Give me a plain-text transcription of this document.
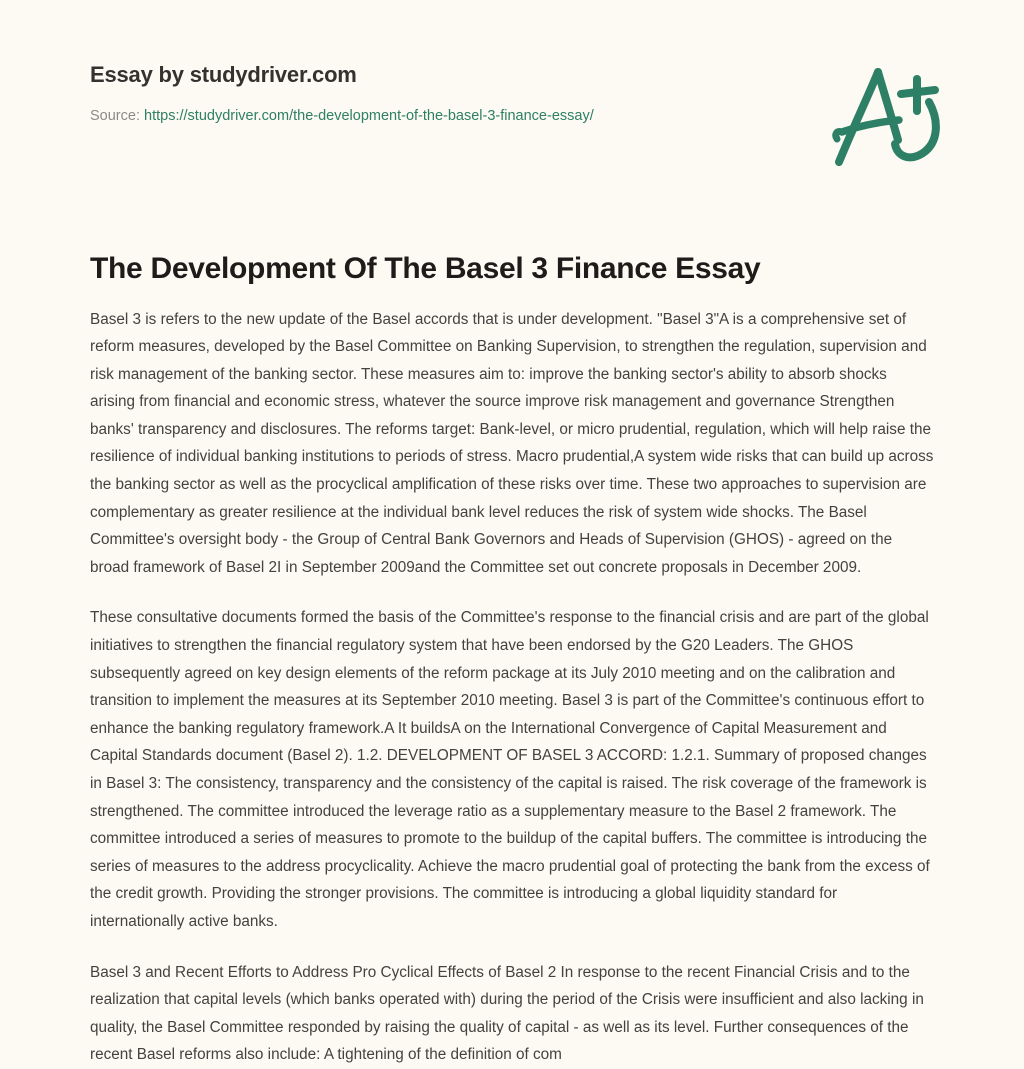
Essay by studydriver.com
Source: https://studydriver.com/the-development-of-the-basel-3-finance-essay/
The Development Of The Basel 3 Finance Essay

Basel 3 is refers to the new update of the Basel accords that is under development. "Basel 3"A is a comprehensive set of reform measures, developed by the Basel Committee on Banking Supervision, to strengthen the regulation, supervision and risk management of the banking sector. These measures aim to: improve the banking sector's ability to absorb shocks arising from financial and economic stress, whatever the source improve risk management and governance Strengthen banks' transparency and disclosures. The reforms target: Bank-level, or micro prudential, regulation, which will help raise the resilience of individual banking institutions to periods of stress. Macro prudential,A system wide risks that can build up across the banking sector as well as the procyclical amplification of these risks over time. These two approaches to supervision are complementary as greater resilience at the individual bank level reduces the risk of system wide shocks. The Basel Committee's oversight body - the Group of Central Bank Governors and Heads of Supervision (GHOS) - agreed on the broad framework of Basel 2I in September 2009and the Committee set out concrete proposals in December 2009.

These consultative documents formed the basis of the Committee's response to the financial crisis and are part of the global initiatives to strengthen the financial regulatory system that have been endorsed by the G20 Leaders. The GHOS subsequently agreed on key design elements of the reform package at its July 2010 meeting and on the calibration and transition to implement the measures at its September 2010 meeting. Basel 3 is part of the Committee's continuous effort to enhance the banking regulatory framework.A It buildsA on the International Convergence of Capital Measurement and Capital Standards document (Basel 2). 1.2. DEVELOPMENT OF BASEL 3 ACCORD: 1.2.1. Summary of proposed changes in Basel 3: The consistency, transparency and the consistency of the capital is raised. The risk coverage of the framework is strengthened. The committee introduced the leverage ratio as a supplementary measure to the Basel 2 framework. The committee introduced a series of measures to promote to the buildup of the capital buffers. The committee is introducing the series of measures to the address procyclicality. Achieve the macro prudential goal of protecting the bank from the excess of the credit growth. Providing the stronger provisions. The committee is introducing a global liquidity standard for internationally active banks.

Basel 3 and Recent Efforts to Address Pro Cyclical Effects of Basel 2 In response to the recent Financial Crisis and to the realization that capital levels (which banks operated with) during the period of the Crisis were insufficient and also lacking in quality, the Basel Committee responded by raising the quality of capital - as well as its level. Further consequences of the recent Basel reforms also include: A tightening of the definition of com
